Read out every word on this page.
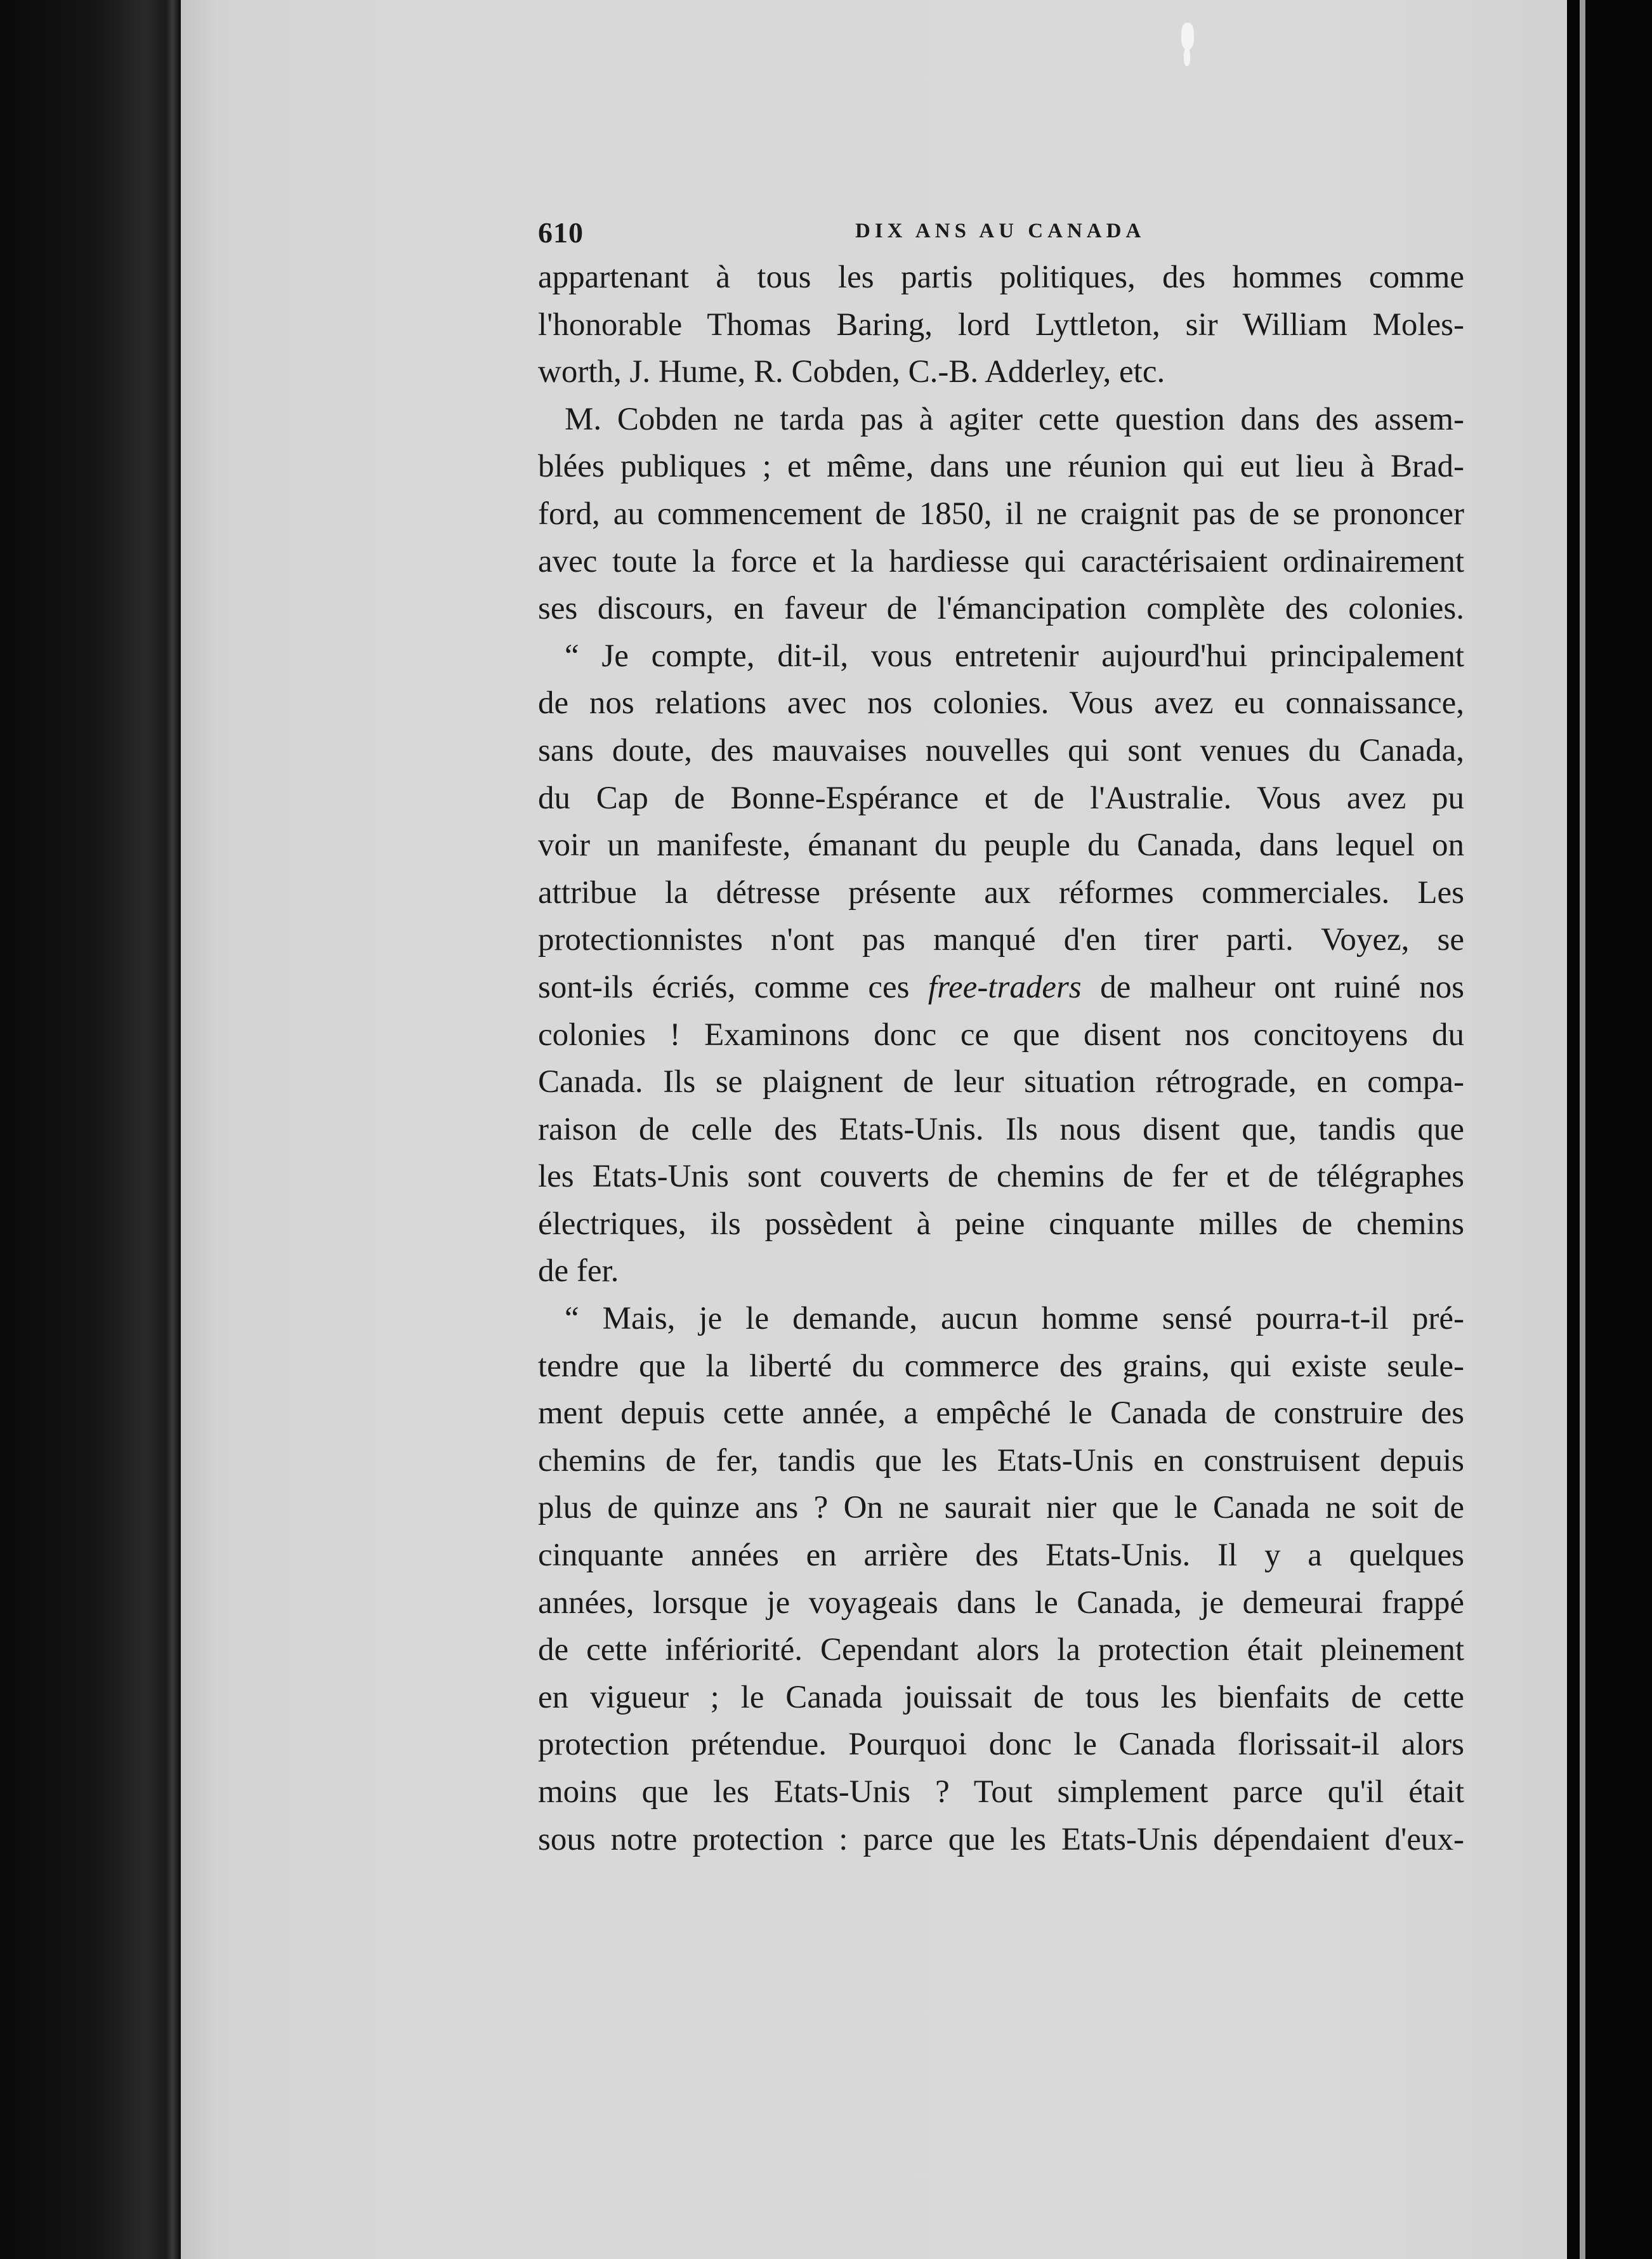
610	DIX ANS AU CANADA
appartenant à tous les partis politiques, des hommes comme
l'honorable Thomas Baring, lord Lyttleton, sir William Moles-
worth, J. Hume, R. Cobden, C.-B. Adderley, etc.
M. Cobden ne tarda pas à agiter cette question dans des assem-
blées publiques ; et même, dans une réunion qui eut lieu à Brad-
ford, au commencement de 1850, il ne craignit pas de se prononcer
avec toute la force et la hardiesse qui caractérisaient ordinairement
ses discours, en faveur de l'émancipation complète des colonies.
“ Je compte, dit-il, vous entretenir aujourd'hui principalement
de nos relations avec nos colonies. Vous avez eu connaissance,
sans doute, des mauvaises nouvelles qui sont venues du Canada,
du Cap de Bonne-Espérance et de l'Australie. Vous avez pu
voir un manifeste, émanant du peuple du Canada, dans lequel on
attribue la détresse présente aux réformes commerciales. Les
protectionnistes n'ont pas manqué d'en tirer parti. Voyez, se
sont-ils écriés, comme ces free-traders de malheur ont ruiné nos
colonies ! Examinons donc ce que disent nos concitoyens du
Canada. Ils se plaignent de leur situation rétrograde, en compa-
raison de celle des Etats-Unis. Ils nous disent que, tandis que
les Etats-Unis sont couverts de chemins de fer et de télégraphes
électriques, ils possèdent à peine cinquante milles de chemins
de fer.
“ Mais, je le demande, aucun homme sensé pourra-t-il pré-
tendre que la liberté du commerce des grains, qui existe seule-
ment depuis cette année, a empêché le Canada de construire des
chemins de fer, tandis que les Etats-Unis en construisent depuis
plus de quinze ans ? On ne saurait nier que le Canada ne soit de
cinquante années en arrière des Etats-Unis. Il y a quelques
années, lorsque je voyageais dans le Canada, je demeurai frappé
de cette infériorité. Cependant alors la protection était pleinement
en vigueur ; le Canada jouissait de tous les bienfaits de cette
protection prétendue. Pourquoi donc le Canada florissait-il alors
moins que les Etats-Unis ? Tout simplement parce qu'il était
sous notre protection : parce que les Etats-Unis dépendaient d'eux-
